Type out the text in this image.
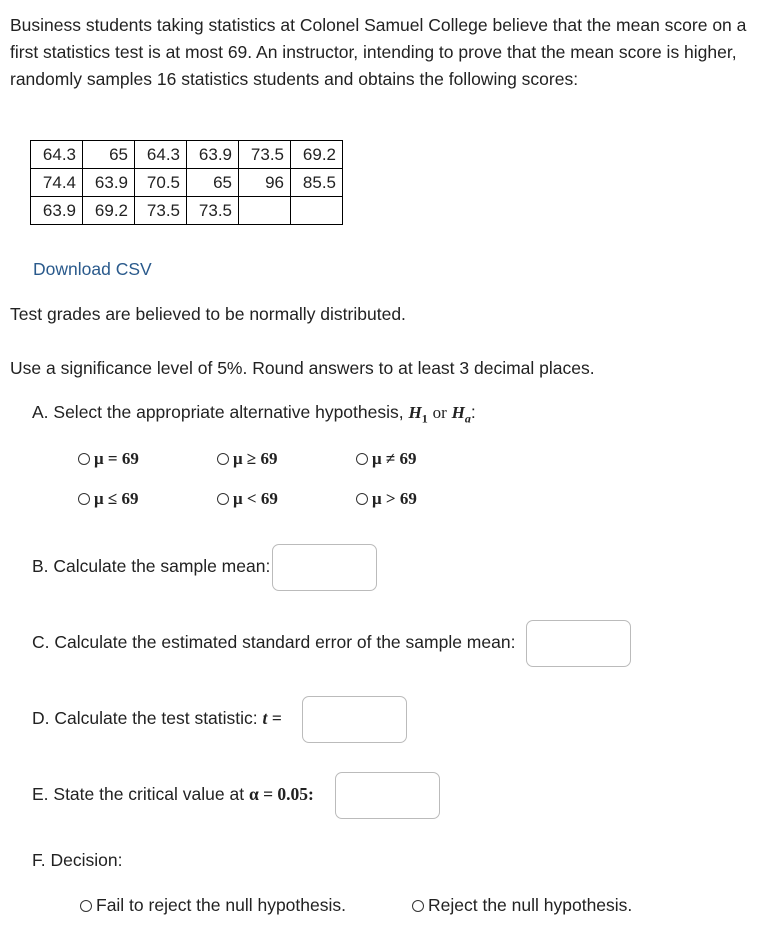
Business students taking statistics at Colonel Samuel College believe that the mean score on a first statistics test is at most 69. An instructor, intending to prove that the mean score is higher, randomly samples 16 statistics students and obtains the following scores:
64.3	65	64.3	63.9	73.5	69.2
74.4	63.9	70.5	65	96	85.5
63.9	69.2	73.5	73.5		
Download CSV
Test grades are believed to be normally distributed.
Use a significance level of 5%. Round answers to at least 3 decimal places.
A. Select the appropriate alternative hypothesis, $H_1$ or $H_a$:
μ = 69	μ ≥ 69	μ ≠ 69
μ ≤ 69	μ < 69	μ > 69
B. Calculate the sample mean:
C. Calculate the estimated standard error of the sample mean:
D. Calculate the test statistic: t =
E. State the critical value at α = 0.05:
F. Decision:
Fail to reject the null hypothesis.	Reject the null hypothesis.
